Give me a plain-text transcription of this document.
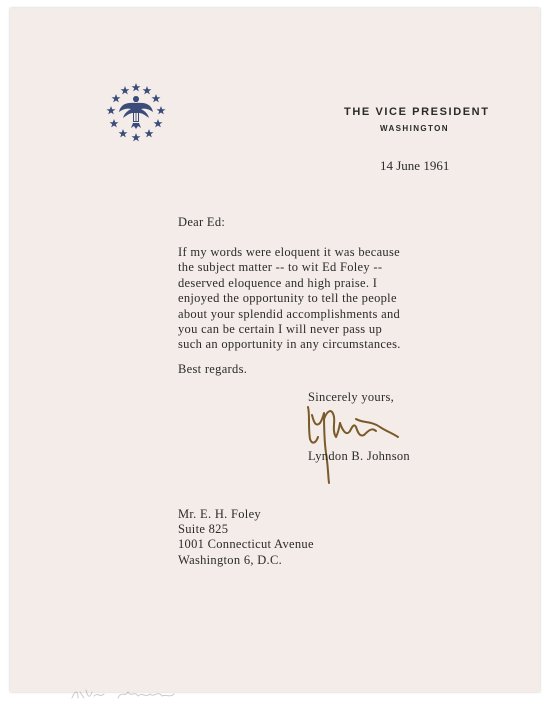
THE VICE PRESIDENT
WASHINGTON
14 June 1961
Dear Ed:
If my words were eloquent it was because
the subject matter -- to wit Ed Foley --
deserved eloquence and high praise. I
enjoyed the opportunity to tell the people
about your splendid accomplishments and
you can be certain I will never pass up
such an opportunity in any circumstances.
Best regards.
Sincerely yours,
Lyndon B. Johnson
Mr. E. H. Foley
Suite 825
1001 Connecticut Avenue
Washington 6, D.C.
